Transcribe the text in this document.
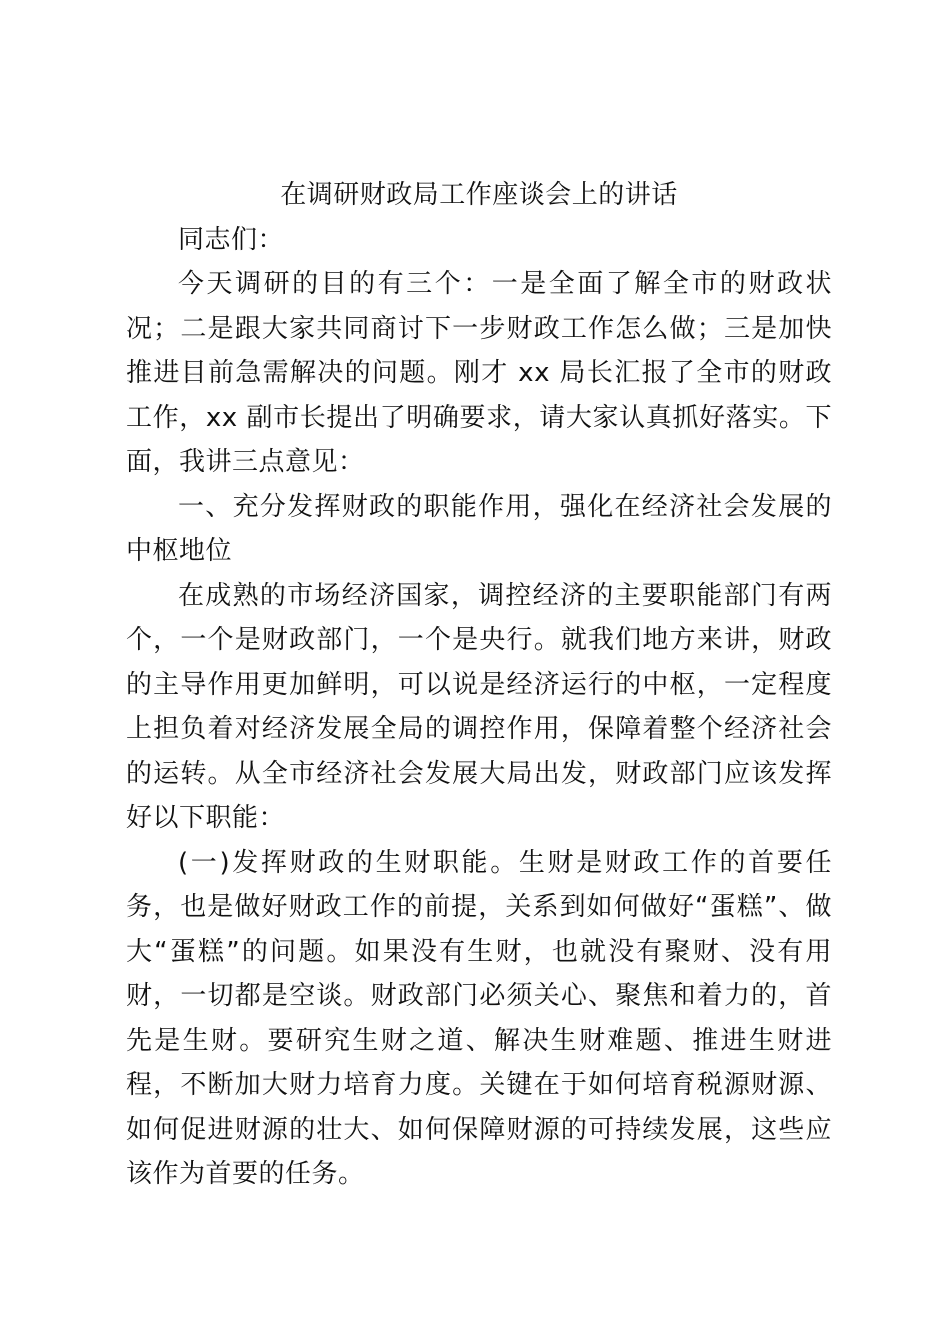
在调研财政局工作座谈会上的讲话

同志们：

今天调研的目的有三个：一是全面了解全市的财政状况；二是跟大家共同商讨下一步财政工作怎么做；三是加快推进目前急需解决的问题。刚才 xx 局长汇报了全市的财政工作，xx 副市长提出了明确要求，请大家认真抓好落实。下面，我讲三点意见：

一、充分发挥财政的职能作用，强化在经济社会发展的中枢地位

在成熟的市场经济国家，调控经济的主要职能部门有两个，一个是财政部门，一个是央行。就我们地方来讲，财政的主导作用更加鲜明，可以说是经济运行的中枢，一定程度上担负着对经济发展全局的调控作用，保障着整个经济社会的运转。从全市经济社会发展大局出发，财政部门应该发挥好以下职能：

(一)发挥财政的生财职能。生财是财政工作的首要任务，也是做好财政工作的前提，关系到如何做好“蛋糕”、做大“蛋糕”的问题。如果没有生财，也就没有聚财、没有用财，一切都是空谈。财政部门必须关心、聚焦和着力的，首先是生财。要研究生财之道、解决生财难题、推进生财进程，不断加大财力培育力度。关键在于如何培育税源财源、如何促进财源的壮大、如何保障财源的可持续发展，这些应该作为首要的任务。
